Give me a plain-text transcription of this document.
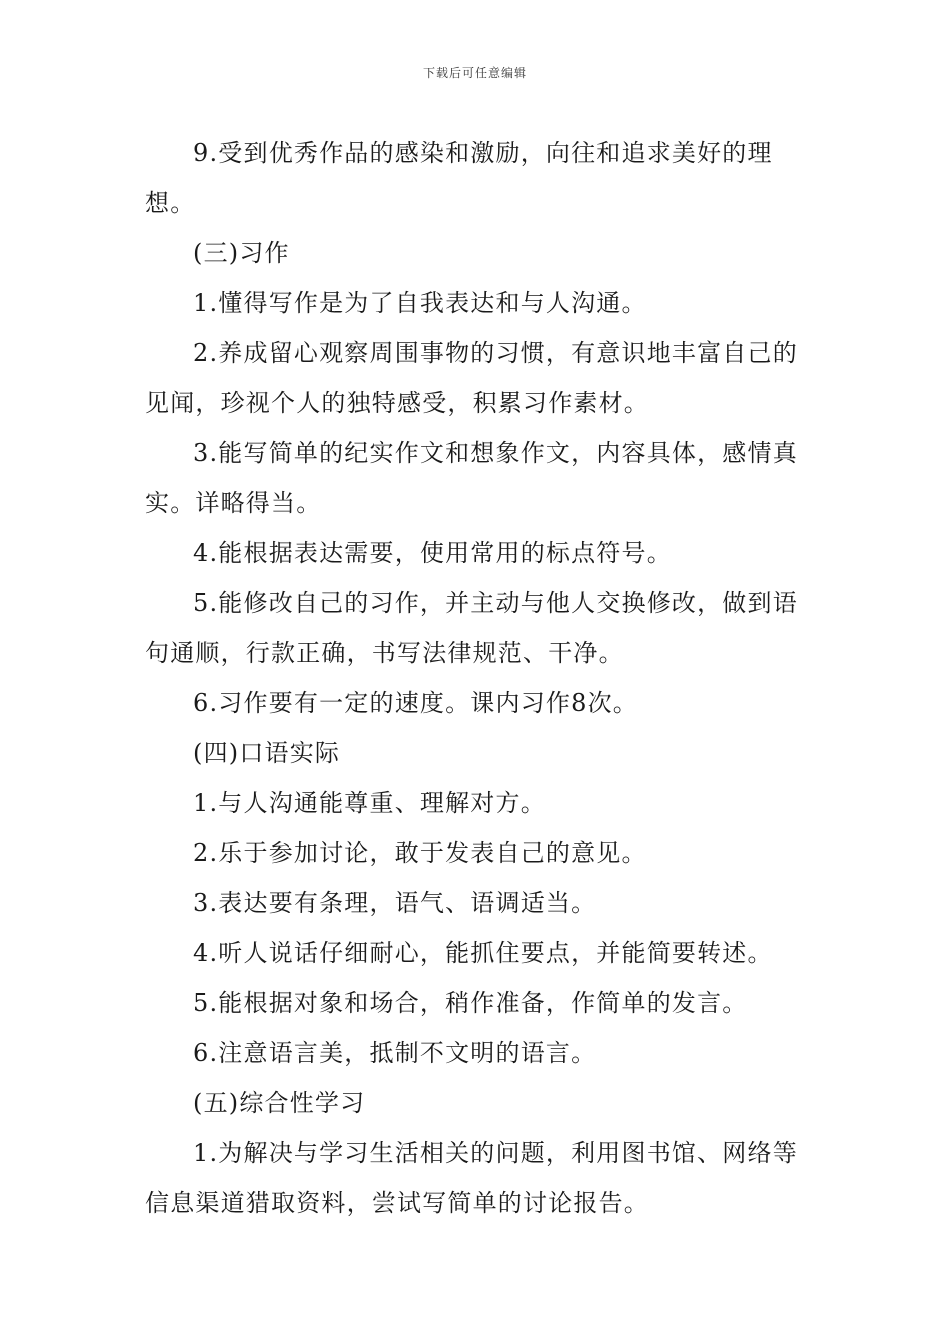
下载后可任意编辑

9.受到优秀作品的感染和激励，向往和追求美好的理想。

(三)习作

1.懂得写作是为了自我表达和与人沟通。

2.养成留心观察周围事物的习惯，有意识地丰富自己的见闻，珍视个人的独特感受，积累习作素材。

3.能写简单的纪实作文和想象作文，内容具体，感情真实。详略得当。

4.能根据表达需要，使用常用的标点符号。

5.能修改自己的习作，并主动与他人交换修改，做到语句通顺，行款正确，书写法律规范、干净。

6.习作要有一定的速度。课内习作8次。

(四)口语实际

1.与人沟通能尊重、理解对方。

2.乐于参加讨论，敢于发表自己的意见。

3.表达要有条理，语气、语调适当。

4.听人说话仔细耐心，能抓住要点，并能简要转述。

5.能根据对象和场合，稍作准备，作简单的发言。

6.注意语言美，抵制不文明的语言。

(五)综合性学习

1.为解决与学习生活相关的问题，利用图书馆、网络等信息渠道猎取资料，尝试写简单的讨论报告。
